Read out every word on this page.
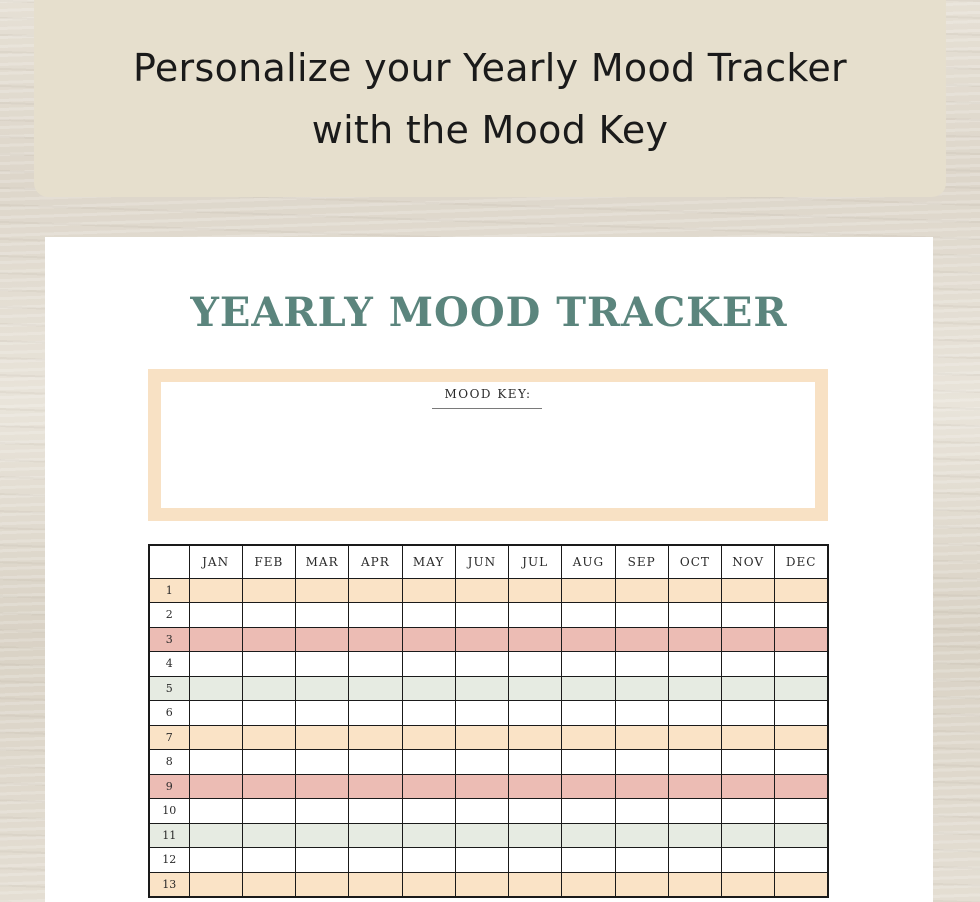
Personalize your Yearly Mood Tracker
with the Mood Key
YEARLY MOOD TRACKER
MOOD KEY:
	JAN	FEB	MAR	APR	MAY	JUN	JUL	AUG	SEP	OCT	NOV	DEC
1												
2												
3												
4												
5												
6												
7												
8												
9												
10												
11												
12												
13												
